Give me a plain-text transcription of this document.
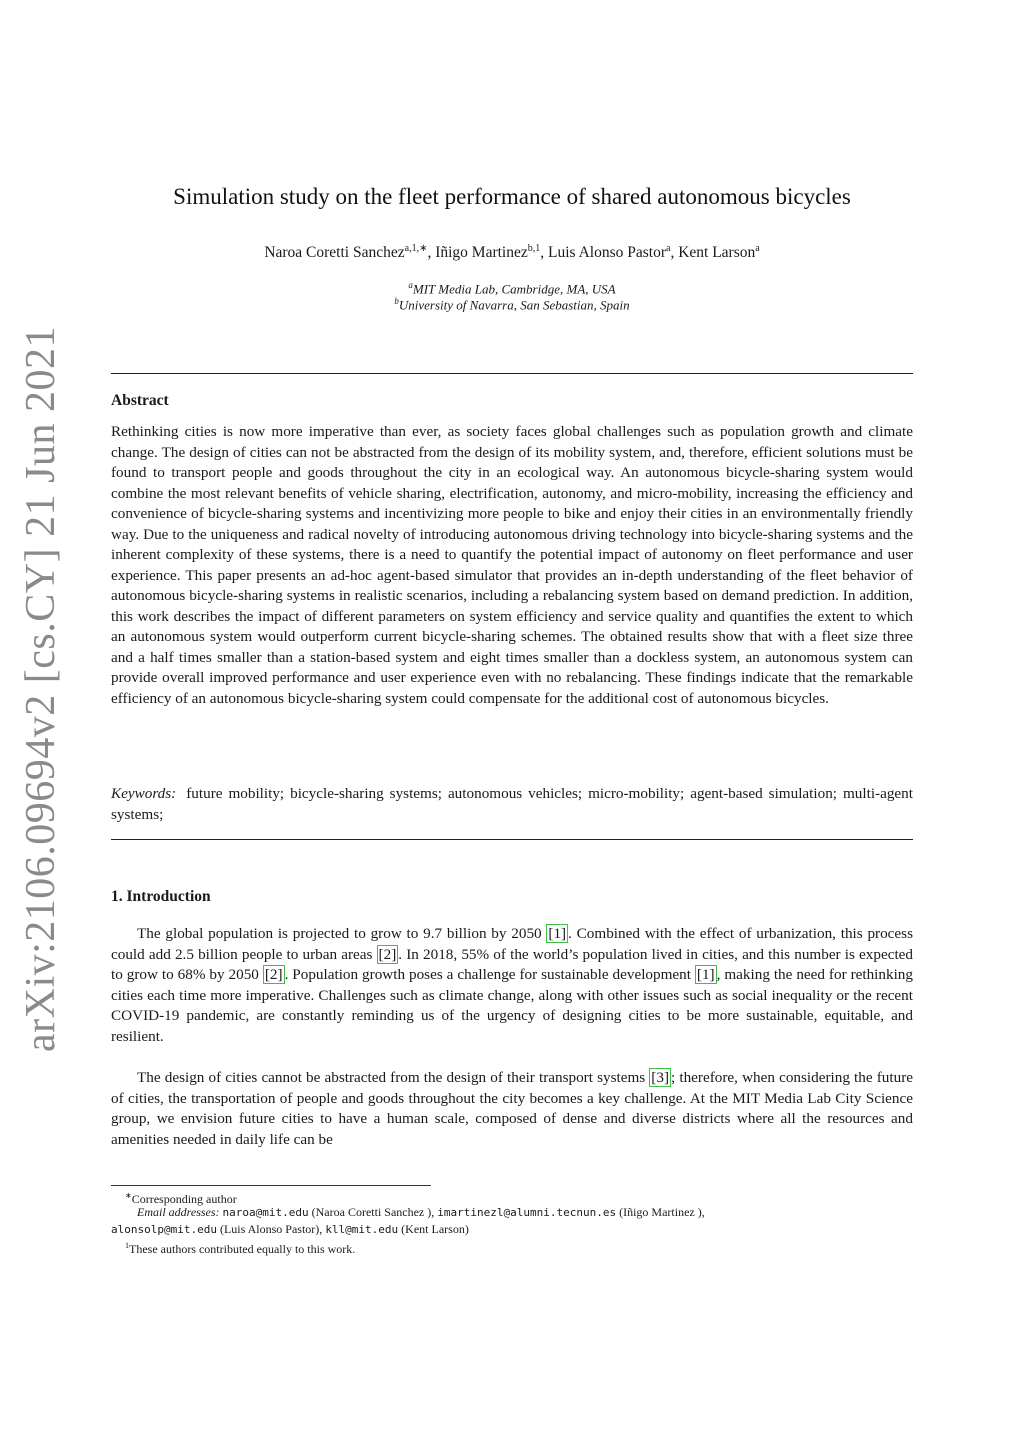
arXiv:2106.09694v2 [cs.CY] 21 Jun 2021
Simulation study on the fleet performance of shared autonomous bicycles
Naroa Coretti Sanchez$^{a,1,∗}$, Iñigo Martinez$^{b,1}$, Luis Alonso Pastor$^a$, Kent Larson$^a$
$^a$MIT Media Lab, Cambridge, MA, USA
$^b$University of Navarra, San Sebastian, Spain
Abstract

Rethinking cities is now more imperative than ever, as society faces global challenges such as population growth and climate change. The design of cities can not be abstracted from the design of its mobility system, and, therefore, efficient solutions must be found to transport people and goods throughout the city in an ecological way. An autonomous bicycle-sharing system would combine the most relevant benefits of vehicle sharing, electrification, autonomy, and micro-mobility, increasing the efficiency and convenience of bicycle-sharing systems and incentivizing more people to bike and enjoy their cities in an environmentally friendly way. Due to the uniqueness and radical novelty of introducing autonomous driving technology into bicycle-sharing systems and the inherent complexity of these systems, there is a need to quantify the potential impact of autonomy on fleet performance and user experience. This paper presents an ad-hoc agent-based simulator that provides an in-depth understanding of the fleet behavior of autonomous bicycle-sharing systems in realistic scenarios, including a rebalancing system based on demand prediction. In addition, this work describes the impact of different parameters on system efficiency and service quality and quantifies the extent to which an autonomous system would outperform current bicycle-sharing schemes. The obtained results show that with a fleet size three and a half times smaller than a station-based system and eight times smaller than a dockless system, an autonomous system can provide overall improved performance and user experience even with no rebalancing. These findings indicate that the remarkable efficiency of an autonomous bicycle-sharing system could compensate for the additional cost of autonomous bicycles.

Keywords: future mobility; bicycle-sharing systems; autonomous vehicles; micro-mobility; agent-based simulation; multi-agent systems;

1. Introduction

The global population is projected to grow to 9.7 billion by 2050 [1] . Combined with the effect of urbanization, this process could add 2.5 billion people to urban areas [2] . In 2018, 55% of the world’s population lived in cities, and this number is expected to grow to 68% by 2050 [2] . Population growth poses a challenge for sustainable development [1] , making the need for rethinking cities each time more imperative. Challenges such as climate change, along with other issues such as social inequality or the recent COVID-19 pandemic, are constantly reminding us of the urgency of designing cities to be more sustainable, equitable, and resilient.

The design of cities cannot be abstracted from the design of their transport systems [3] ; therefore, when considering the future of cities, the transportation of people and goods throughout the city becomes a key challenge. At the MIT Media Lab City Science group, we envision future cities to have a human scale, composed of dense and diverse districts where all the resources and amenities needed in daily life can be

∗Corresponding author
Email addresses: naroa@mit.edu (Naroa Coretti Sanchez ), imartinezl@alumni.tecnun.es (Iñigo Martinez ),
alonsolp@mit.edu (Luis Alonso Pastor), kll@mit.edu (Kent Larson)
$^1$These authors contributed equally to this work.
